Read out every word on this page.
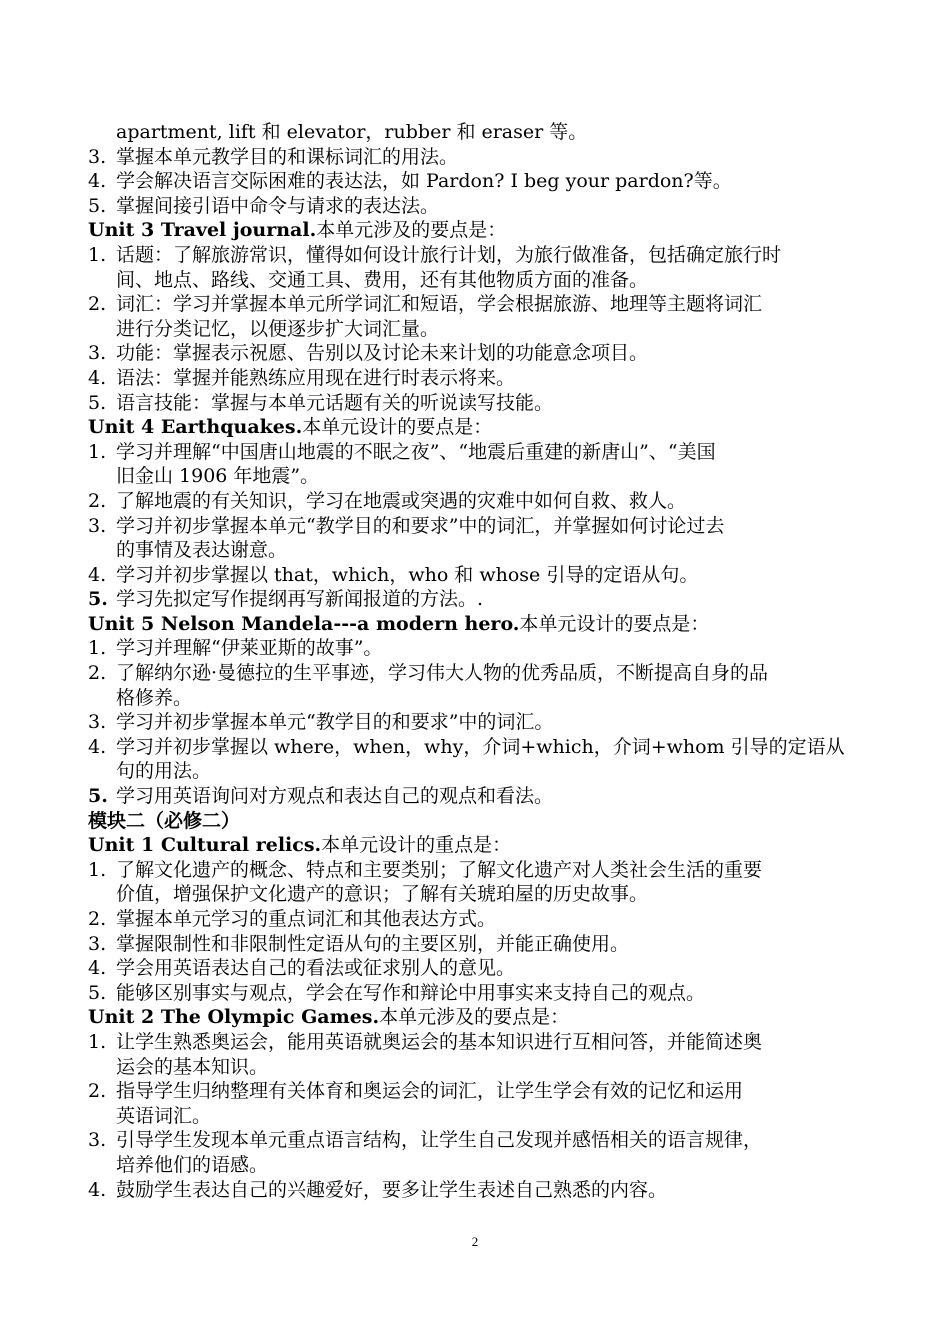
apartment, lift 和 elevator，rubber 和 eraser 等。
3. 掌握本单元教学目的和课标词汇的用法。
4. 学会解决语言交际困难的表达法，如 Pardon? I beg your pardon?等。
5. 掌握间接引语中命令与请求的表达法。
Unit 3 Travel journal.本单元涉及的要点是：
1. 话题：了解旅游常识，懂得如何设计旅行计划，为旅行做准备，包括确定旅行时
间、地点、路线、交通工具、费用，还有其他物质方面的准备。
2. 词汇：学习并掌握本单元所学词汇和短语，学会根据旅游、地理等主题将词汇
进行分类记忆，以便逐步扩大词汇量。
3. 功能：掌握表示祝愿、告别以及讨论未来计划的功能意念项目。
4. 语法：掌握并能熟练应用现在进行时表示将来。
5. 语言技能：掌握与本单元话题有关的听说读写技能。
Unit 4 Earthquakes.本单元设计的要点是：
1. 学习并理解“中国唐山地震的不眠之夜”、“地震后重建的新唐山”、“美国
旧金山 1906 年地震”。
2. 了解地震的有关知识，学习在地震或突遇的灾难中如何自救、救人。
3. 学习并初步掌握本单元“教学目的和要求”中的词汇，并掌握如何讨论过去
的事情及表达谢意。
4. 学习并初步掌握以 that，which，who 和 whose 引导的定语从句。
5. 学习先拟定写作提纲再写新闻报道的方法。.
Unit 5 Nelson Mandela---a modern hero.本单元设计的要点是：
1. 学习并理解“伊莱亚斯的故事”。
2. 了解纳尔逊·曼德拉的生平事迹，学习伟大人物的优秀品质，不断提高自身的品
格修养。
3. 学习并初步掌握本单元“教学目的和要求”中的词汇。
4. 学习并初步掌握以 where，when，why，介词+which，介词+whom 引导的定语从
句的用法。
5. 学习用英语询问对方观点和表达自己的观点和看法。
模块二（必修二）
Unit 1 Cultural relics.本单元设计的重点是：
1. 了解文化遗产的概念、特点和主要类别；了解文化遗产对人类社会生活的重要
价值，增强保护文化遗产的意识；了解有关琥珀屋的历史故事。
2. 掌握本单元学习的重点词汇和其他表达方式。
3. 掌握限制性和非限制性定语从句的主要区别，并能正确使用。
4. 学会用英语表达自己的看法或征求别人的意见。
5. 能够区别事实与观点，学会在写作和辩论中用事实来支持自己的观点。
Unit 2 The Olympic Games.本单元涉及的要点是：
1. 让学生熟悉奥运会，能用英语就奥运会的基本知识进行互相问答，并能简述奥
运会的基本知识。
2. 指导学生归纳整理有关体育和奥运会的词汇，让学生学会有效的记忆和运用
英语词汇。
3. 引导学生发现本单元重点语言结构，让学生自己发现并感悟相关的语言规律，
培养他们的语感。
4. 鼓励学生表达自己的兴趣爱好，要多让学生表述自己熟悉的内容。
2
